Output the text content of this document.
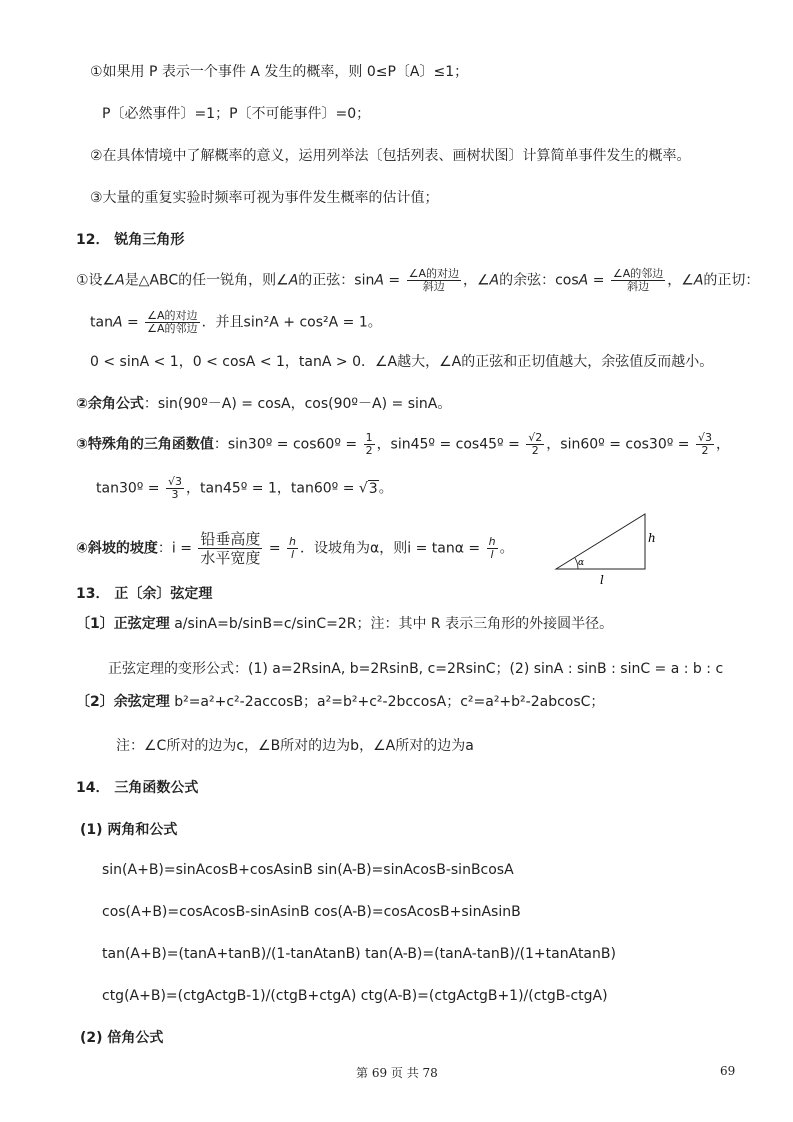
①如果用 P 表示一个事件 A 发生的概率，则 0≤P〔A〕≤1；
P〔必然事件〕=1；P〔不可能事件〕=0；
②在具体情境中了解概率的意义，运用列举法〔包括列表、画树状图〕计算简单事件发生的概率。
③大量的重复实验时频率可视为事件发生概率的估计值；
12． 锐角三角形
①设∠A是△ABC的任一锐角，则∠A的正弦：$\sin A = \frac{\text{∠A的对边}}{\text{斜边}}$ ，∠A的余弦：$\cos A = \frac{\text{∠A的邻边}}{\text{斜边}}$ ，∠A的正切：
$\tan A = \frac{\text{∠A的对边}}{\text{∠A的邻边}}$ ．并且sin²A + cos²A = 1。
0 < sinA < 1，0 < cosA < 1，tanA > 0．∠A越大，∠A的正弦和正切值越大，余弦值反而越小。
②余角公式：sin(90º－A) = cosA，cos(90º－A) = sinA。
③特殊角的三角函数值：sin30º = cos60º = $\frac{1}{2}$ ，sin45º = cos45º = $\frac{√2}{2}$ ，sin60º = cos30º = $\frac{√3}{2}$ ，
tan30º = $\frac{√3}{3}$ ，tan45º = 1，tan60º = √3。
④斜坡的坡度：$i = \frac{\text{铅垂高度}}{\text{水平宽度}} = \frac{h}{l}$ ．设坡角为α，则$i = \tan\alpha = \frac{h}{l}$ 。
α
h
l
13． 正〔余〕弦定理
〔1〕正弦定理 a/sinA=b/sinB=c/sinC=2R；注：其中 R 表示三角形的外接圆半径。
正弦定理的变形公式：(1) a=2RsinA, b=2RsinB, c=2RsinC；(2) sinA : sinB : sinC = a : b : c
〔2〕余弦定理 b²=a²+c²-2accosB；a²=b²+c²-2bccosA；c²=a²+b²-2abcosC；
注：∠C所对的边为c，∠B所对的边为b，∠A所对的边为a
14． 三角函数公式
(1) 两角和公式
sin(A+B)=sinAcosB+cosAsinB sin(A-B)=sinAcosB-sinBcosA
cos(A+B)=cosAcosB-sinAsinB cos(A-B)=cosAcosB+sinAsinB
tan(A+B)=(tanA+tanB)/(1-tanAtanB) tan(A-B)=(tanA-tanB)/(1+tanAtanB)
ctg(A+B)=(ctgActgB-1)/(ctgB+ctgA) ctg(A-B)=(ctgActgB+1)/(ctgB-ctgA)
(2) 倍角公式
第 69 页 共 78	69
